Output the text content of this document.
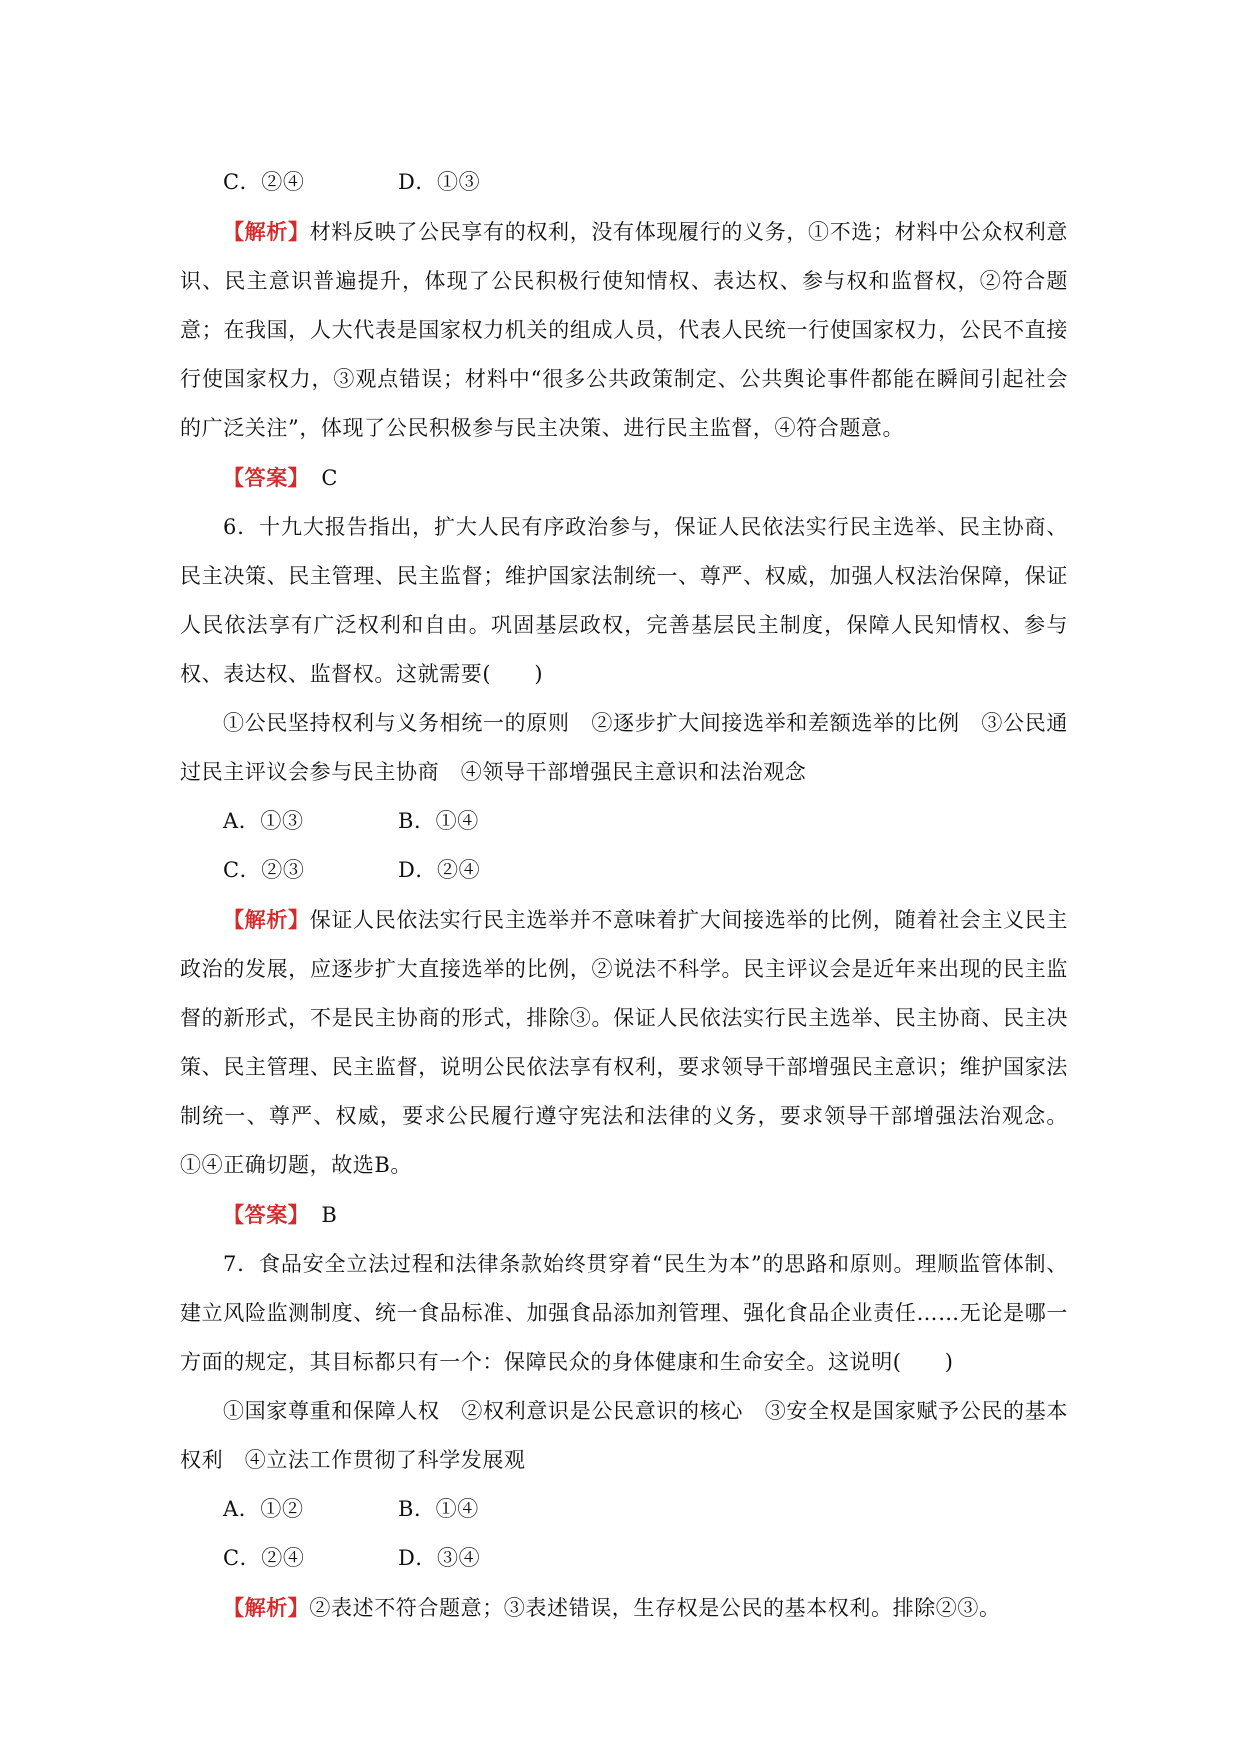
C．②④	D．①③

【解析】材料反映了公民享有的权利，没有体现履行的义务，①不选；材料中公众权利意识、民主意识普遍提升，体现了公民积极行使知情权、表达权、参与权和监督权，②符合题意；在我国，人大代表是国家权力机关的组成人员，代表人民统一行使国家权力，公民不直接行使国家权力，③观点错误；材料中“很多公共政策制定、公共舆论事件都能在瞬间引起社会的广泛关注”，体现了公民积极参与民主决策、进行民主监督，④符合题意。

【答案】 C

6．十九大报告指出，扩大人民有序政治参与，保证人民依法实行民主选举、民主协商、民主决策、民主管理、民主监督；维护国家法制统一、尊严、权威，加强人权法治保障，保证人民依法享有广泛权利和自由。巩固基层政权，完善基层民主制度，保障人民知情权、参与权、表达权、监督权。这就需要(　　)

①公民坚持权利与义务相统一的原则　②逐步扩大间接选举和差额选举的比例　③公民通过民主评议会参与民主协商　④领导干部增强民主意识和法治观念

A．①③	B．①④
C．②③	D．②④

【解析】保证人民依法实行民主选举并不意味着扩大间接选举的比例，随着社会主义民主政治的发展，应逐步扩大直接选举的比例，②说法不科学。民主评议会是近年来出现的民主监督的新形式，不是民主协商的形式，排除③。保证人民依法实行民主选举、民主协商、民主决策、民主管理、民主监督，说明公民依法享有权利，要求领导干部增强民主意识；维护国家法制统一、尊严、权威，要求公民履行遵守宪法和法律的义务，要求领导干部增强法治观念。①④正确切题，故选B。

【答案】 B

7．食品安全立法过程和法律条款始终贯穿着“民生为本”的思路和原则。理顺监管体制、建立风险监测制度、统一食品标准、加强食品添加剂管理、强化食品企业责任……无论是哪一方面的规定，其目标都只有一个：保障民众的身体健康和生命安全。这说明(　　)

①国家尊重和保障人权　②权利意识是公民意识的核心　③安全权是国家赋予公民的基本权利　④立法工作贯彻了科学发展观

A．①②	B．①④
C．②④	D．③④

【解析】②表述不符合题意；③表述错误，生存权是公民的基本权利。排除②③。
